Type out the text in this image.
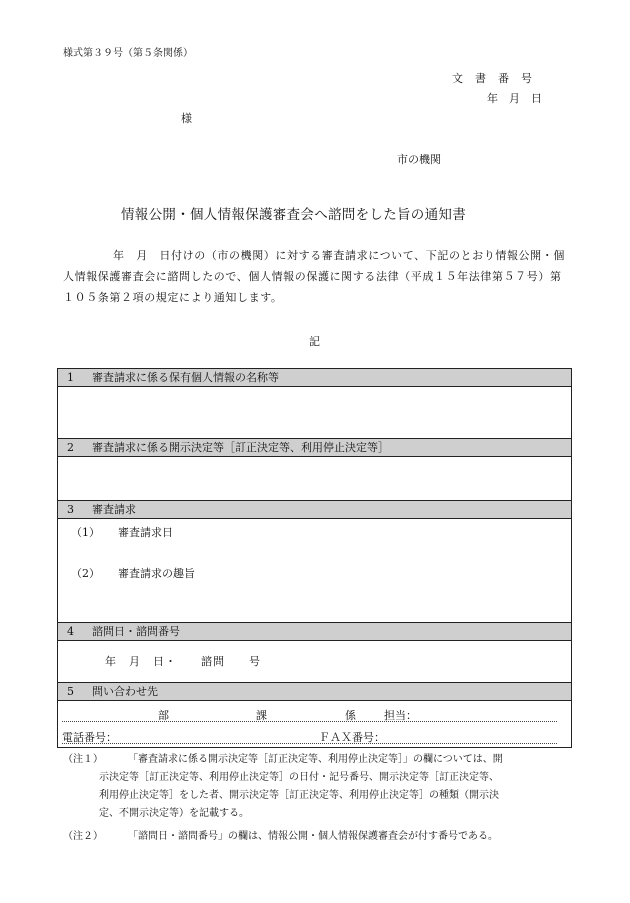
様式第３９号（第５条関係）
文書番号
年月日
様
市の機関
情報公開・個人情報保護審査会へ諮問をした旨の通知書
年　月　日付けの（市の機関）に対する審査請求について、下記のとおり情報公開・個人情報保護審査会に諮問したので、個人情報の保護に関する法律（平成１５年法律第５７号）第１０５条第２項の規定により通知します。
記
1 審査請求に係る保有個人情報の名称等
2 審査請求に係る開示決定等［訂正決定等、利用停止決定等］
3 審査請求
（1） 審査請求日
（2） 審査請求の趣旨
4 諮問日・諮問番号
年　月　日・　　諮問　　号
5 問い合わせ先
部	課	係	担当：
電話番号：	ＦＡＸ番号：
（注１）	「審査請求に係る開示決定等［訂正決定等、利用停止決定等］」の欄については、開
示決定等［訂正決定等、利用停止決定等］の日付・記号番号、開示決定等［訂正決定等、
利用停止決定等］をした者、開示決定等［訂正決定等、利用停止決定等］の種類（開示決
定、不開示決定等）を記載する。
（注２）	「諮問日・諮問番号」の欄は、情報公開・個人情報保護審査会が付す番号である。
